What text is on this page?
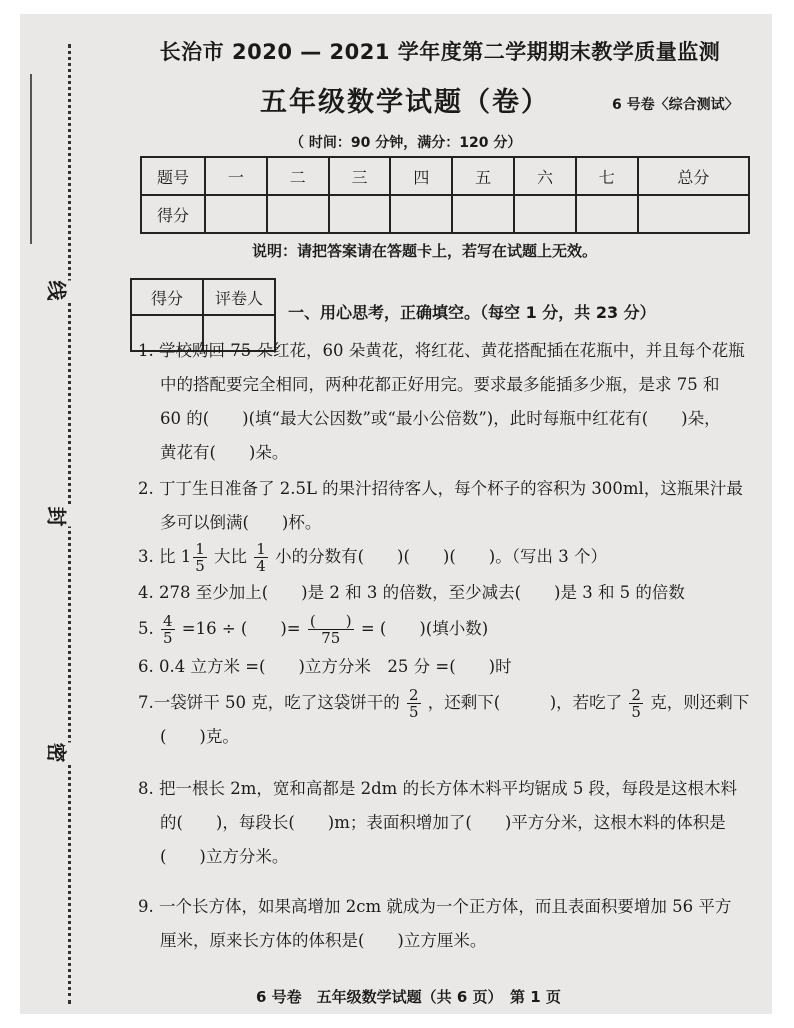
线
封
密
长治市 2020 — 2021 学年度第二学期期末教学质量监测
五年级数学试题（卷）	6 号卷〈综合测试〉
（ 时间：90 分钟，满分：120 分）
题号	一	二	三	四	五	六	七	总分
得分								
说明：请把答案请在答题卡上，若写在试题上无效。
得分	评卷人

一、用心思考，正确填空。（每空 1 分，共 23 分）
1. 学校购回 75 朵红花，60 朵黄花，将红花、黄花搭配插在花瓶中，并且每个花瓶
中的搭配要完全相同，两种花都正好用完。要求最多能插多少瓶，是求 75 和
60 的(　　)(填“最大公因数”或“最小公倍数”)，此时每瓶中红花有(　　)朵，
黄花有(　　)朵。
2. 丁丁生日准备了 2.5L 的果汁招待客人，每个杯子的容积为 300ml，这瓶果汁最
多可以倒满(　　)杯。
3. 比 $1 \frac{1}{5}$ 大比 $\frac{1}{4}$ 小的分数有(　　)(　　)(　　)。（写出 3 个）
4. 278 至少加上(　　)是 2 和 3 的倍数，至少减去(　　)是 3 和 5 的倍数
5. $\frac{4}{5} =16$ ÷ (　　)= $\frac{( )}{75}$ = (　　)(填小数)
6. 0.4 立方米 =(　　)立方分米　25 分 =(　　)时
7.一袋饼干 50 克，吃了这袋饼干的 $\frac{2}{5}$ ，还剩下(　　　)，若吃了 $\frac{2}{5}$ 克，则还剩下
(　　)克。
8. 把一根长 2m，宽和高都是 2dm 的长方体木料平均锯成 5 段，每段是这根木料
的(　　)，每段长(　　)m；表面积增加了(　　)平方分米，这根木料的体积是
(　　)立方分米。
9. 一个长方体，如果高增加 2cm 就成为一个正方体，而且表面积要增加 56 平方
厘米，原来长方体的体积是(　　)立方厘米。
6 号卷　五年级数学试题（共 6 页）　第 1 页
